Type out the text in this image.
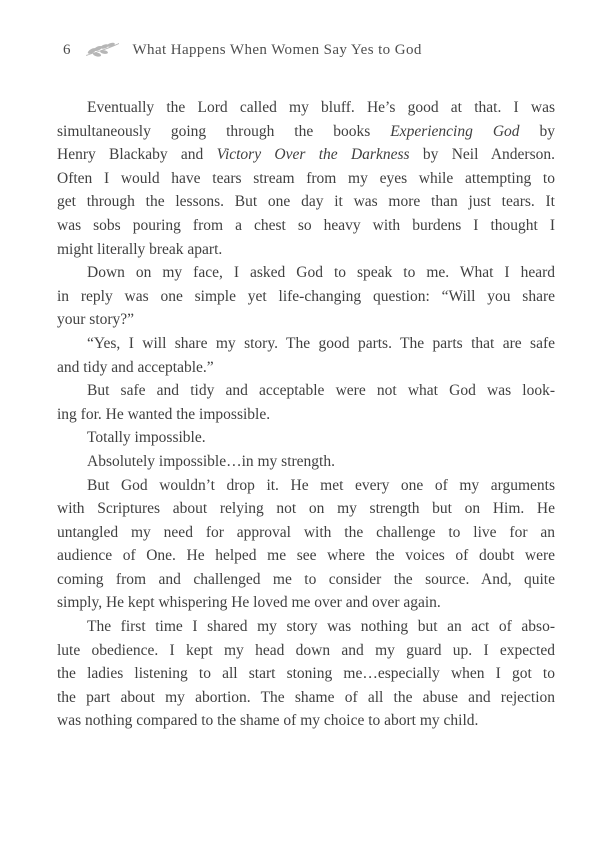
6	What Happens When Women Say Yes to God
Eventually the Lord called my bluff. He’s good at that. I was
simultaneously going through the books Experiencing God by
Henry Blackaby and Victory Over the Darkness by Neil Anderson.
Often I would have tears stream from my eyes while attempting to
get through the lessons. But one day it was more than just tears. It
was sobs pouring from a chest so heavy with burdens I thought I
might literally break apart.
Down on my face, I asked God to speak to me. What I heard
in reply was one simple yet life-changing question: “Will you share
your story?”
“Yes, I will share my story. The good parts. The parts that are safe
and tidy and acceptable.”
But safe and tidy and acceptable were not what God was look-
ing for. He wanted the impossible.
Totally impossible.
Absolutely impossible…in my strength.
But God wouldn’t drop it. He met every one of my arguments
with Scriptures about relying not on my strength but on Him. He
untangled my need for approval with the challenge to live for an
audience of One. He helped me see where the voices of doubt were
coming from and challenged me to consider the source. And, quite
simply, He kept whispering He loved me over and over again.
The first time I shared my story was nothing but an act of abso-
lute obedience. I kept my head down and my guard up. I expected
the ladies listening to all start stoning me…especially when I got to
the part about my abortion. The shame of all the abuse and rejection
was nothing compared to the shame of my choice to abort my child.
